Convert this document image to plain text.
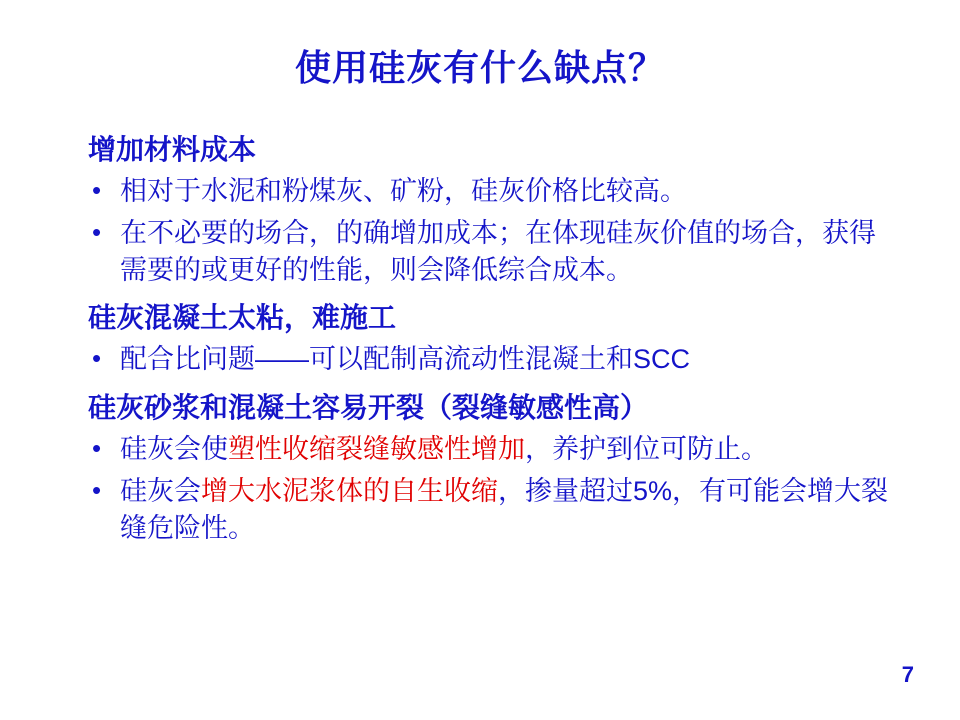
使用硅灰有什么缺点？
增加材料成本
• 相对于水泥和粉煤灰、矿粉，硅灰价格比较高。
• 在不必要的场合，的确增加成本；在体现硅灰价值的场合，获得需要的或更好的性能，则会降低综合成本。
硅灰混凝土太粘，难施工
• 配合比问题——可以配制高流动性混凝土和SCC
硅灰砂浆和混凝土容易开裂（裂缝敏感性高）
• 硅灰会使塑性收缩裂缝敏感性增加，养护到位可防止。
• 硅灰会增大水泥浆体的自生收缩，掺量超过5%，有可能会增大裂缝危险性。
7
